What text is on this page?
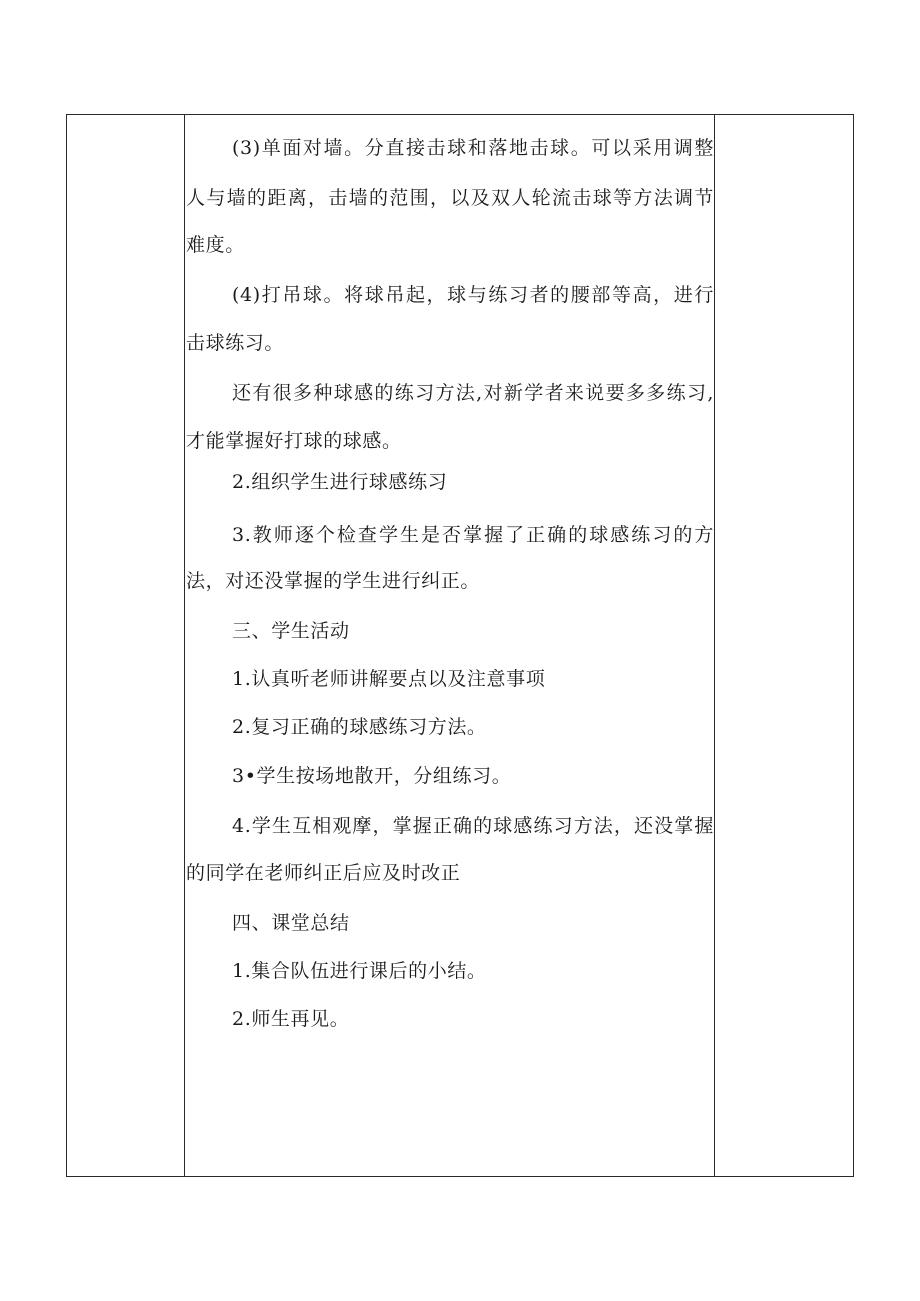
(3)单面对墙。分直接击球和落地击球。可以采用调整
人与墙的距离，击墙的范围，以及双人轮流击球等方法调节
难度。
(4)打吊球。将球吊起，球与练习者的腰部等高，进行
击球练习。
还有很多种球感的练习方法,对新学者来说要多多练习,
才能掌握好打球的球感。
2.组织学生进行球感练习
3.教师逐个检查学生是否掌握了正确的球感练习的方
法，对还没掌握的学生进行纠正。
三、学生活动
1.认真听老师讲解要点以及注意事项
2.复习正确的球感练习方法。
3•学生按场地散开，分组练习。
4.学生互相观摩，掌握正确的球感练习方法，还没掌握
的同学在老师纠正后应及时改正
四、课堂总结
1.集合队伍进行课后的小结。
2.师生再见。
